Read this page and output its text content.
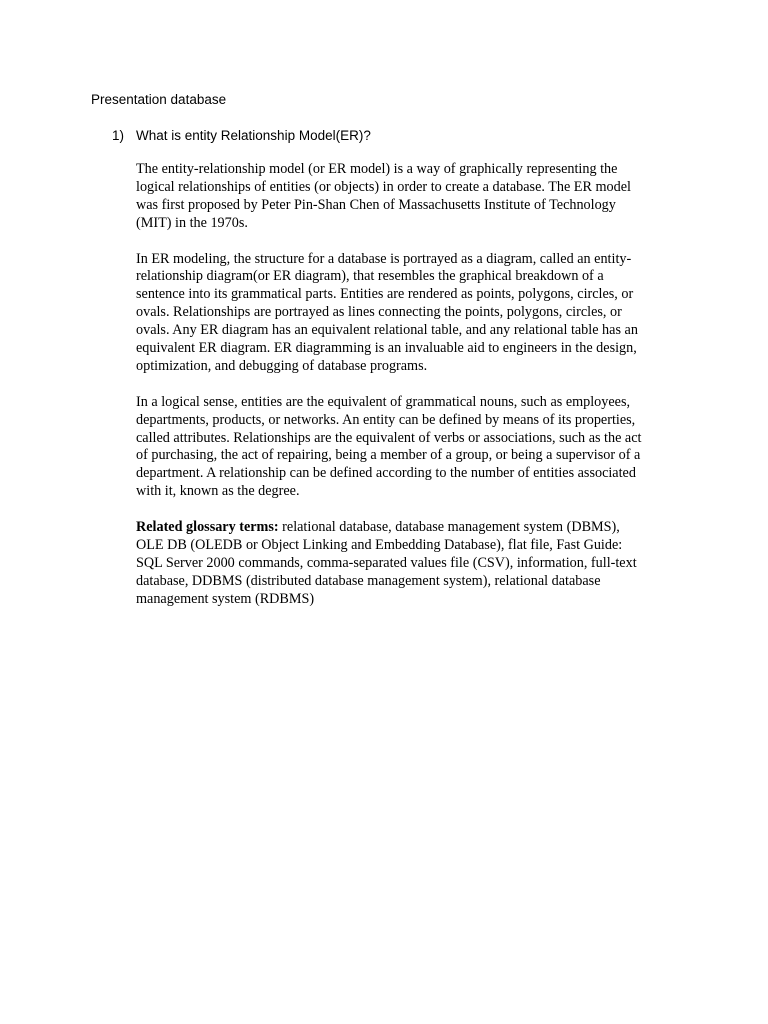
Presentation database
1) What is entity Relationship Model(ER)?

The entity-relationship model (or ER model) is a way of graphically representing the
logical relationships of entities (or objects) in order to create a database. The ER model
was first proposed by Peter Pin-Shan Chen of Massachusetts Institute of Technology
(MIT) in the 1970s.

In ER modeling, the structure for a database is portrayed as a diagram, called an entity-
relationship diagram(or ER diagram), that resembles the graphical breakdown of a
sentence into its grammatical parts. Entities are rendered as points, polygons, circles, or
ovals. Relationships are portrayed as lines connecting the points, polygons, circles, or
ovals. Any ER diagram has an equivalent relational table, and any relational table has an
equivalent ER diagram. ER diagramming is an invaluable aid to engineers in the design,
optimization, and debugging of database programs.

In a logical sense, entities are the equivalent of grammatical nouns, such as employees,
departments, products, or networks. An entity can be defined by means of its properties,
called attributes. Relationships are the equivalent of verbs or associations, such as the act
of purchasing, the act of repairing, being a member of a group, or being a supervisor of a
department. A relationship can be defined according to the number of entities associated
with it, known as the degree.

Related glossary terms: relational database, database management system (DBMS),
OLE DB (OLEDB or Object Linking and Embedding Database), flat file, Fast Guide:
SQL Server 2000 commands, comma-separated values file (CSV), information, full-text
database, DDBMS (distributed database management system), relational database
management system (RDBMS)
